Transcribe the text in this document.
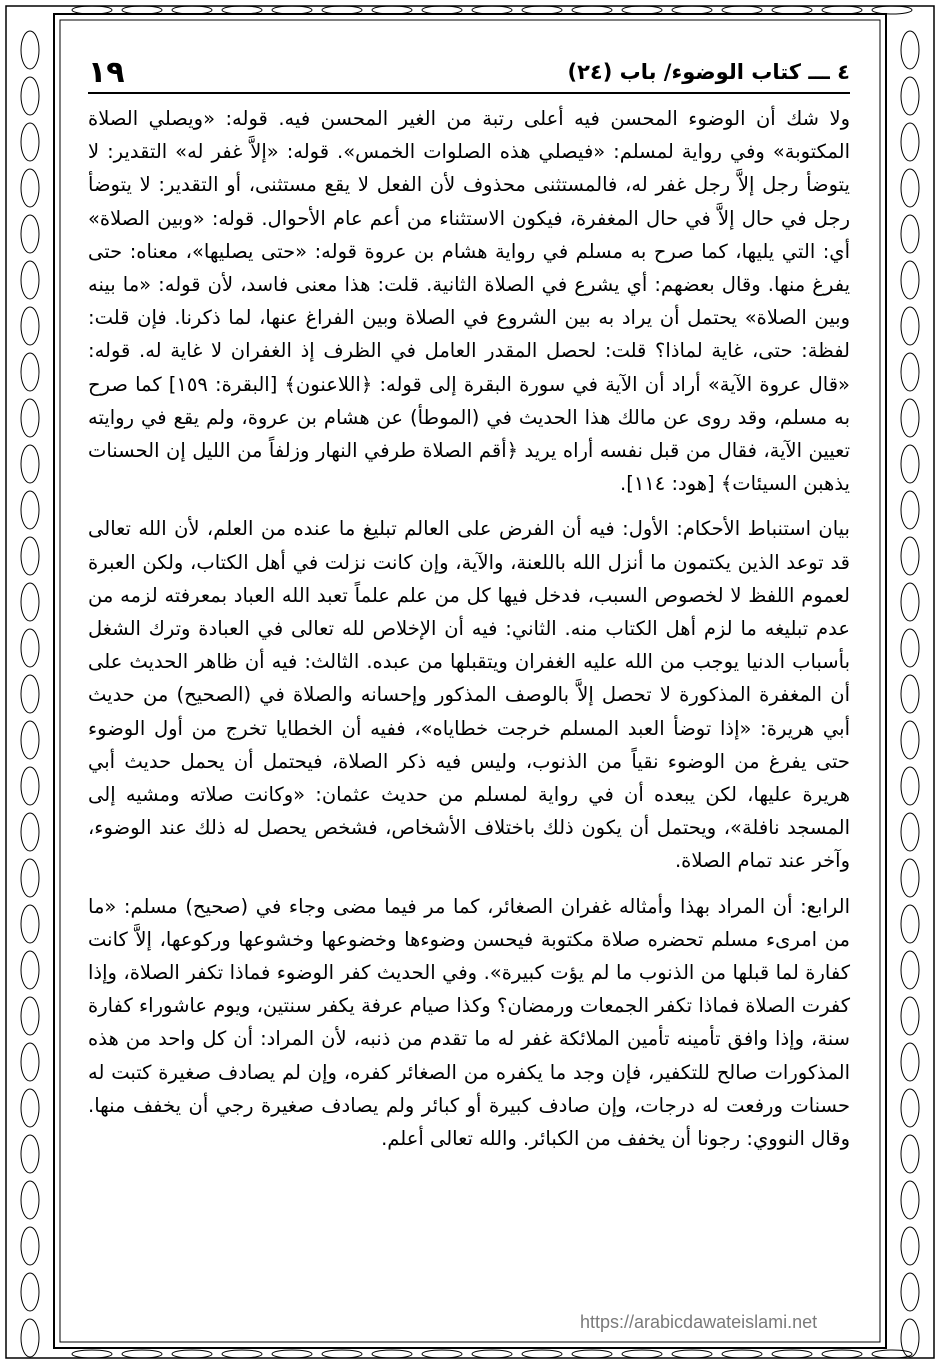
٤ ـــ كتاب الوضوء/ باب (٢٤)
١٩

ولا شك أن الوضوء المحسن فيه أعلى رتبة من الغير المحسن فيه. قوله: «ويصلي الصلاة المكتوبة» وفي رواية لمسلم: «فيصلي هذه الصلوات الخمس». قوله: «إلاَّ غفر له» التقدير: لا يتوضأ رجل إلاَّ رجل غفر له، فالمستثنى محذوف لأن الفعل لا يقع مستثنى، أو التقدير: لا يتوضأ رجل في حال إلاَّ في حال المغفرة، فيكون الاستثناء من أعم عام الأحوال. قوله: «وبين الصلاة» أي: التي يليها، كما صرح به مسلم في رواية هشام بن عروة قوله: «حتى يصليها»، معناه: حتى يفرغ منها. وقال بعضهم: أي يشرع في الصلاة الثانية. قلت: هذا معنى فاسد، لأن قوله: «ما بينه وبين الصلاة» يحتمل أن يراد به بين الشروع في الصلاة وبين الفراغ عنها، لما ذكرنا. فإن قلت: لفظة: حتى، غاية لماذا؟ قلت: لحصل المقدر العامل في الظرف إذ الغفران لا غاية له. قوله: «قال عروة الآية» أراد أن الآية في سورة البقرة إلى قوله: ﴿اللاعنون﴾ [البقرة: ١٥٩] كما صرح به مسلم، وقد روى عن مالك هذا الحديث في (الموطأ) عن هشام بن عروة، ولم يقع في روايته تعيين الآية، فقال من قبل نفسه أراه يريد ﴿أقم الصلاة طرفي النهار وزلفاً من الليل إن الحسنات يذهبن السيئات﴾ [هود: ١١٤].

بيان استنباط الأحكام: الأول: فيه أن الفرض على العالم تبليغ ما عنده من العلم، لأن الله تعالى قد توعد الذين يكتمون ما أنزل الله باللعنة، والآية، وإن كانت نزلت في أهل الكتاب، ولكن العبرة لعموم اللفظ لا لخصوص السبب، فدخل فيها كل من علم علماً تعبد الله العباد بمعرفته لزمه من عدم تبليغه ما لزم أهل الكتاب منه. الثاني: فيه أن الإخلاص لله تعالى في العبادة وترك الشغل بأسباب الدنيا يوجب من الله عليه الغفران ويتقبلها من عبده. الثالث: فيه أن ظاهر الحديث على أن المغفرة المذكورة لا تحصل إلاَّ بالوصف المذكور وإحسانه والصلاة في (الصحيح) من حديث أبي هريرة: «إذا توضأ العبد المسلم خرجت خطاياه»، ففيه أن الخطايا تخرج من أول الوضوء حتى يفرغ من الوضوء نقياً من الذنوب، وليس فيه ذكر الصلاة، فيحتمل أن يحمل حديث أبي هريرة عليها، لكن يبعده أن في رواية لمسلم من حديث عثمان: «وكانت صلاته ومشيه إلى المسجد نافلة»، ويحتمل أن يكون ذلك باختلاف الأشخاص، فشخص يحصل له ذلك عند الوضوء، وآخر عند تمام الصلاة.

الرابع: أن المراد بهذا وأمثاله غفران الصغائر، كما مر فيما مضى وجاء في (صحيح) مسلم: «ما من امرىء مسلم تحضره صلاة مكتوبة فيحسن وضوءها وخضوعها وخشوعها وركوعها، إلاَّ كانت كفارة لما قبلها من الذنوب ما لم يؤت كبيرة». وفي الحديث كفر الوضوء فماذا تكفر الصلاة، وإذا كفرت الصلاة فماذا تكفر الجمعات ورمضان؟ وكذا صيام عرفة يكفر سنتين، ويوم عاشوراء كفارة سنة، وإذا وافق تأمينه تأمين الملائكة غفر له ما تقدم من ذنبه، لأن المراد: أن كل واحد من هذه المذكورات صالح للتكفير، فإن وجد ما يكفره من الصغائر كفره، وإن لم يصادف صغيرة كتبت له حسنات ورفعت له درجات، وإن صادف كبيرة أو كبائر ولم يصادف صغيرة رجي أن يخفف منها. وقال النووي: رجونا أن يخفف من الكبائر. والله تعالى أعلم.

https://arabicdawateislami.net
